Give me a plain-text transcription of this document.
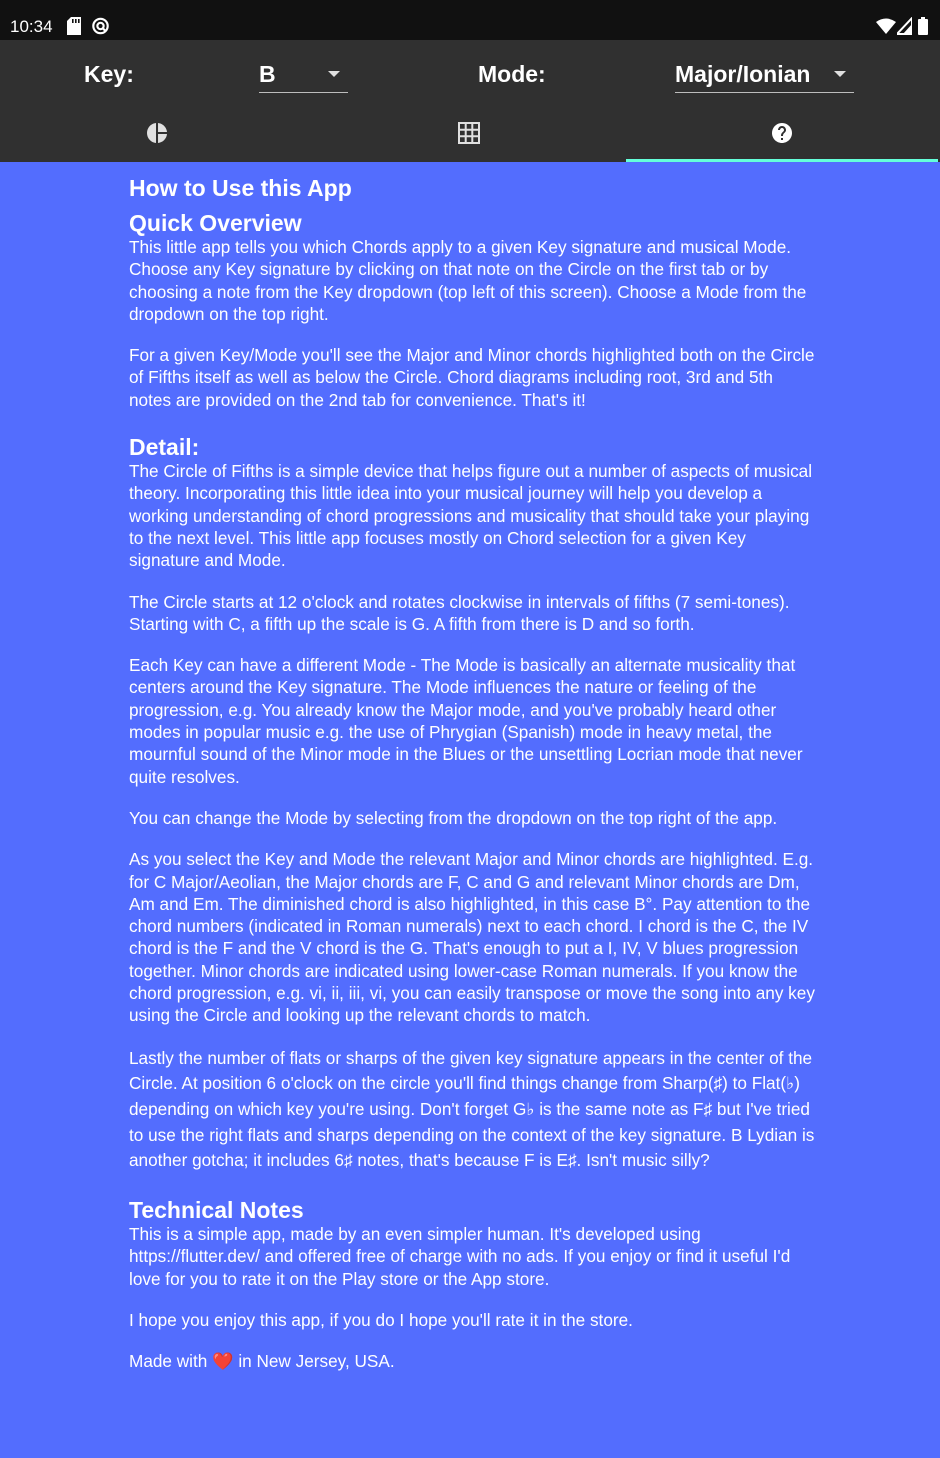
10:34
Key:	B	Mode:	Major/Ionian
How to Use this App
Quick Overview

This little app tells you which Chords apply to a given Key signature and musical Mode. Choose any Key signature by clicking on that note on the Circle on the first tab or by choosing a note from the Key dropdown (top left of this screen). Choose a Mode from the dropdown on the top right.

For a given Key/Mode you'll see the Major and Minor chords highlighted both on the Circle of Fifths itself as well as below the Circle. Chord diagrams including root, 3rd and 5th notes are provided on the 2nd tab for convenience. That's it!

Detail:

The Circle of Fifths is a simple device that helps figure out a number of aspects of musical theory. Incorporating this little idea into your musical journey will help you develop a working understanding of chord progressions and musicality that should take your playing to the next level. This little app focuses mostly on Chord selection for a given Key signature and Mode.

The Circle starts at 12 o'clock and rotates clockwise in intervals of fifths (7 semi-tones). Starting with C, a fifth up the scale is G. A fifth from there is D and so forth.

Each Key can have a different Mode - The Mode is basically an alternate musicality that centers around the Key signature. The Mode influences the nature or feeling of the progression, e.g. You already know the Major mode, and you've probably heard other modes in popular music e.g. the use of Phrygian (Spanish) mode in heavy metal, the mournful sound of the Minor mode in the Blues or the unsettling Locrian mode that never quite resolves.

You can change the Mode by selecting from the dropdown on the top right of the app.

As you select the Key and Mode the relevant Major and Minor chords are highlighted. E.g. for C Major/Aeolian, the Major chords are F, C and G and relevant Minor chords are Dm, Am and Em. The diminished chord is also highlighted, in this case B°. Pay attention to the chord numbers (indicated in Roman numerals) next to each chord. I chord is the C, the IV chord is the F and the V chord is the G. That's enough to put a I, IV, V blues progression together. Minor chords are indicated using lower-case Roman numerals. If you know the chord progression, e.g. vi, ii, iii, vi, you can easily transpose or move the song into any key using the Circle and looking up the relevant chords to match.

Lastly the number of flats or sharps of the given key signature appears in the center of the Circle. At position 6 o'clock on the circle you'll find things change from Sharp(♯) to Flat(♭) depending on which key you're using. Don't forget G♭ is the same note as F♯ but I've tried to use the right flats and sharps depending on the context of the key signature. B Lydian is another gotcha; it includes 6♯ notes, that's because F is E♯. Isn't music silly?

Technical Notes

This is a simple app, made by an even simpler human. It's developed using https://flutter.dev/ and offered free of charge with no ads. If you enjoy or find it useful I'd love for you to rate it on the Play store or the App store.

I hope you enjoy this app, if you do I hope you'll rate it in the store.

Made with ❤️ in New Jersey, USA.
